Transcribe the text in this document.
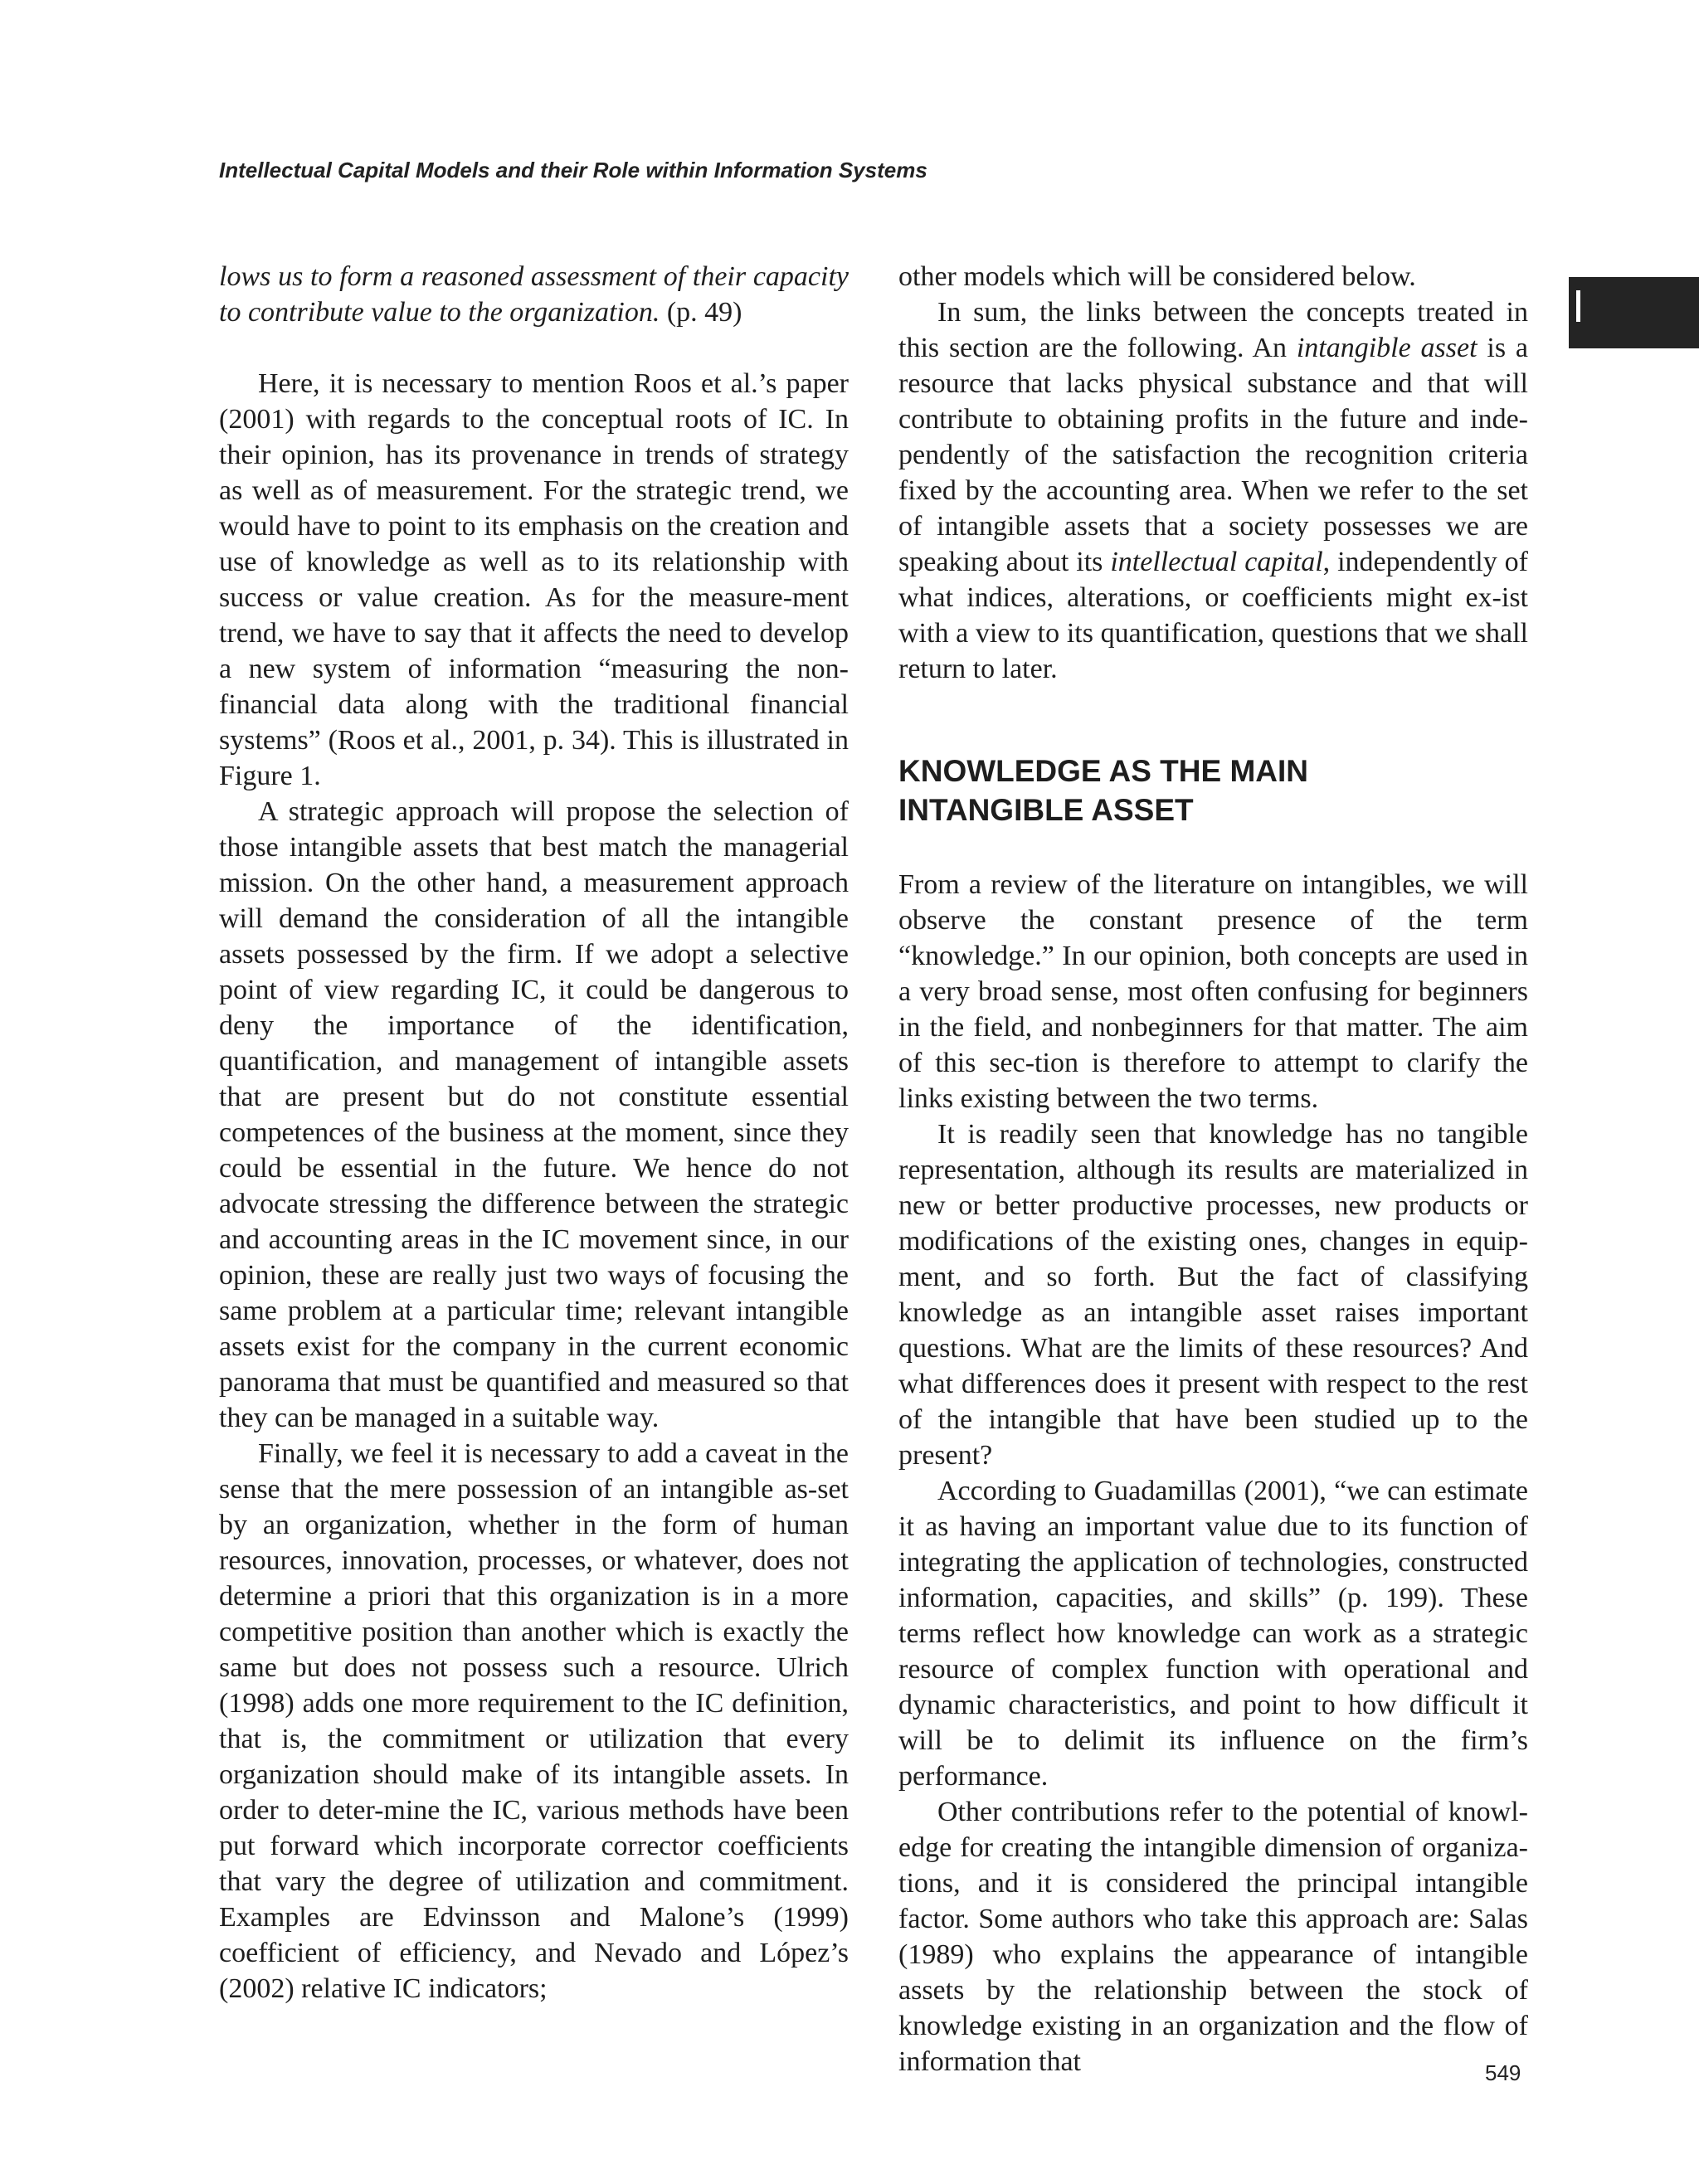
Intellectual Capital Models and their Role within Information Systems

lows us to form a reasoned assessment of their capacity to contribute value to the organization. (p. 49)

Here, it is necessary to mention Roos et al.’s paper (2001) with regards to the conceptual roots of IC. In their opinion, has its provenance in trends of strategy as well as of measurement. For the strategic trend, we would have to point to its emphasis on the creation and use of knowledge as well as to its relationship with success or value creation. As for the measure-ment trend, we have to say that it affects the need to develop a new system of information “measuring the non-financial data along with the traditional financial systems” (Roos et al., 2001, p. 34). This is illustrated in Figure 1.

A strategic approach will propose the selection of those intangible assets that best match the managerial mission. On the other hand, a measurement approach will demand the consideration of all the intangible assets possessed by the firm. If we adopt a selective point of view regarding IC, it could be dangerous to deny the importance of the identification, quantification, and management of intangible assets that are present but do not constitute essential competences of the business at the moment, since they could be essential in the future. We hence do not advocate stressing the difference between the strategic and accounting areas in the IC movement since, in our opinion, these are really just two ways of focusing the same problem at a particular time; relevant intangible assets exist for the company in the current economic panorama that must be quantified and measured so that they can be managed in a suitable way.

Finally, we feel it is necessary to add a caveat in the sense that the mere possession of an intangible as-set by an organization, whether in the form of human resources, innovation, processes, or whatever, does not determine a priori that this organization is in a more competitive position than another which is exactly the same but does not possess such a resource. Ulrich (1998) adds one more requirement to the IC definition, that is, the commitment or utilization that every organization should make of its intangible assets. In order to deter-mine the IC, various methods have been put forward which incorporate corrector coefficients that vary the degree of utilization and commitment. Examples are Edvinsson and Malone’s (1999) coefficient of efficiency, and Nevado and López’s (2002) relative IC indicators;

other models which will be considered below.

In sum, the links between the concepts treated in this section are the following. An intangible asset is a resource that lacks physical substance and that will contribute to obtaining profits in the future and inde-pendently of the satisfaction the recognition criteria fixed by the accounting area. When we refer to the set of intangible assets that a society possesses we are speaking about its intellectual capital, independently of what indices, alterations, or coefficients might ex-ist with a view to its quantification, questions that we shall return to later.

KNOWLEDGE AS THE MAIN
INTANGIBLE ASSET

From a review of the literature on intangibles, we will observe the constant presence of the term “knowledge.” In our opinion, both concepts are used in a very broad sense, most often confusing for beginners in the field, and nonbeginners for that matter. The aim of this sec-tion is therefore to attempt to clarify the links existing between the two terms.

It is readily seen that knowledge has no tangible representation, although its results are materialized in new or better productive processes, new products or modifications of the existing ones, changes in equip-ment, and so forth. But the fact of classifying knowledge as an intangible asset raises important questions. What are the limits of these resources? And what differences does it present with respect to the rest of the intangible that have been studied up to the present?

According to Guadamillas (2001), “we can estimate it as having an important value due to its function of integrating the application of technologies, constructed information, capacities, and skills” (p. 199). These terms reflect how knowledge can work as a strategic resource of complex function with operational and dynamic characteristics, and point to how difficult it will be to delimit its influence on the firm’s performance.

Other contributions refer to the potential of knowl-edge for creating the intangible dimension of organiza-tions, and it is considered the principal intangible factor. Some authors who take this approach are: Salas (1989) who explains the appearance of intangible assets by the relationship between the stock of knowledge existing in an organization and the flow of information that	549
